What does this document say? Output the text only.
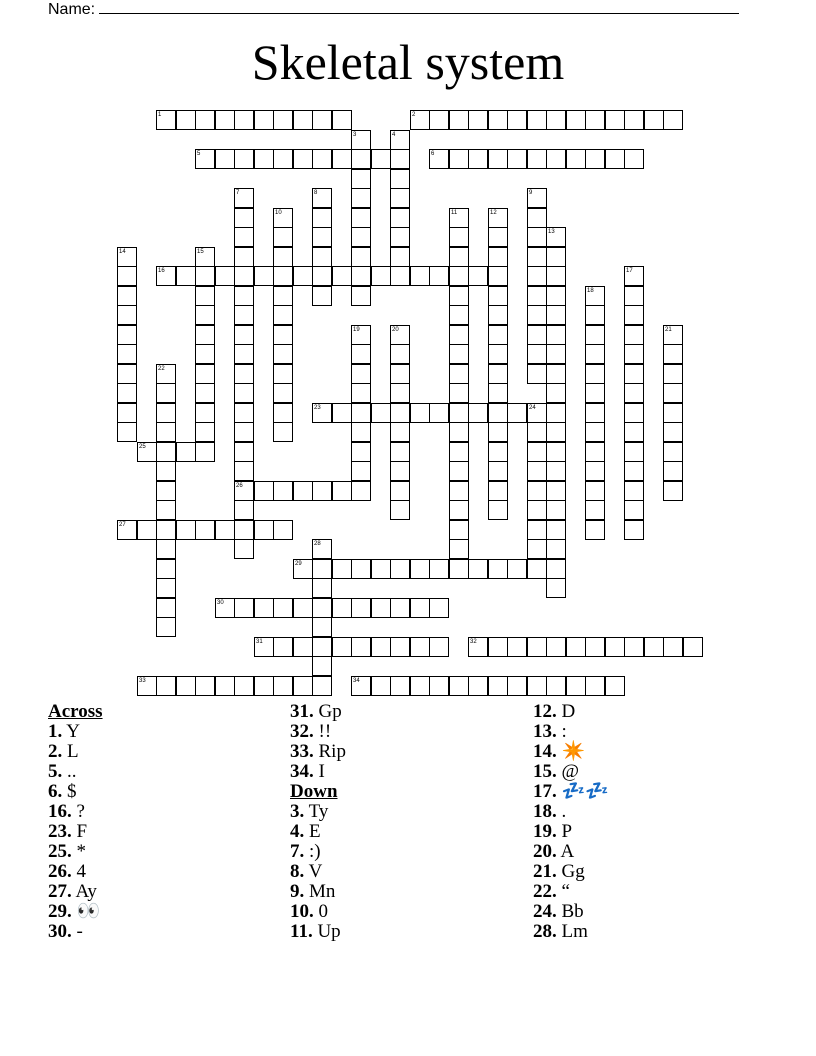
Name:
Skeletal system
1	2
5	6
16
23	24
25
26
27
29
30
31	32
33	34
3	4
7	8	9
10	11	12
13
14	15
17
18
19	20	21
22
28
Across
1. Y
2. L
5. ..
6. $
16. ?
23. F
25. *
26. 4
27. Ay
29. 👀
30. -
31. Gp
32. !!
33. Rip
34. I
Down
3. Ty
4. E
7. :)
8. V
9. Mn
10. 0
11. Up
12. D
13. :
14. ✴️
15. @
17. 💤💤
18. .
19. P
20. A
21. Gg
22. “
24. Bb
28. Lm
